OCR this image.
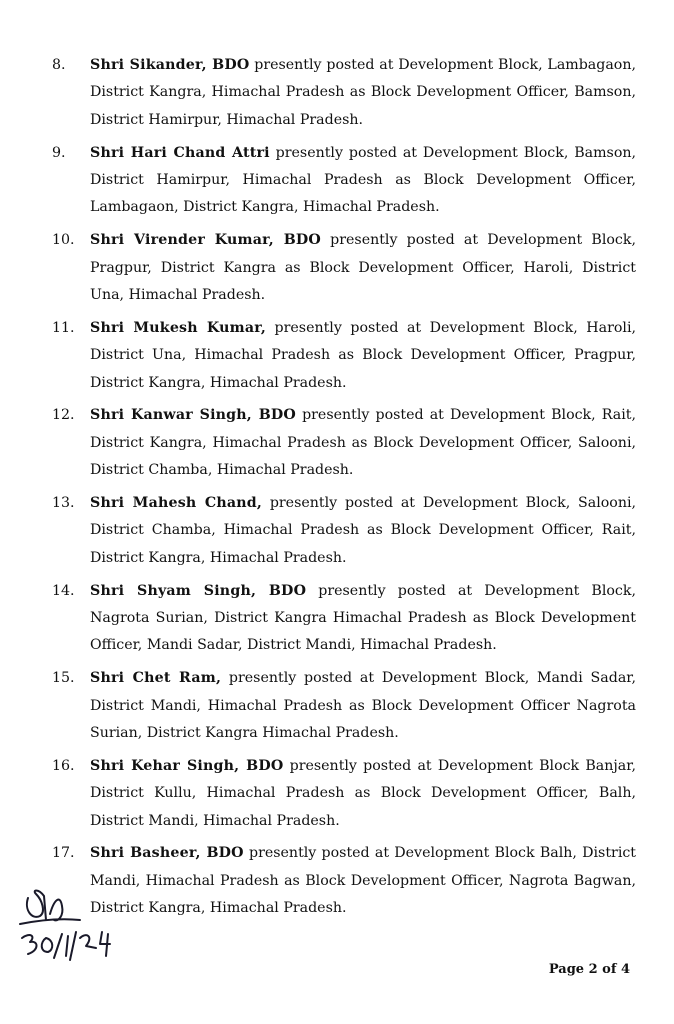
8.	Shri Sikander, BDO presently posted at Development Block, Lambagaon, District Kangra, Himachal Pradesh as Block Development Officer, Bamson, District Hamirpur, Himachal Pradesh.
9.	Shri Hari Chand Attri presently posted at Development Block, Bamson, District Hamirpur, Himachal Pradesh as Block Development Officer, Lambagaon, District Kangra, Himachal Pradesh.
10.	Shri Virender Kumar, BDO presently posted at Development Block, Pragpur, District Kangra as Block Development Officer, Haroli, District Una, Himachal Pradesh.
11.	Shri Mukesh Kumar, presently posted at Development Block, Haroli, District Una, Himachal Pradesh as Block Development Officer, Pragpur, District Kangra, Himachal Pradesh.
12.	Shri Kanwar Singh, BDO presently posted at Development Block, Rait, District Kangra, Himachal Pradesh as Block Development Officer, Salooni, District Chamba, Himachal Pradesh.
13.	Shri Mahesh Chand, presently posted at Development Block, Salooni, District Chamba, Himachal Pradesh as Block Development Officer, Rait, District Kangra, Himachal Pradesh.
14.	Shri Shyam Singh, BDO presently posted at Development Block, Nagrota Surian, District Kangra Himachal Pradesh as Block Development Officer, Mandi Sadar, District Mandi, Himachal Pradesh.
15.	Shri Chet Ram, presently posted at Development Block, Mandi Sadar, District Mandi, Himachal Pradesh as Block Development Officer Nagrota Surian, District Kangra Himachal Pradesh.
16.	Shri Kehar Singh, BDO presently posted at Development Block Banjar, District Kullu, Himachal Pradesh as Block Development Officer, Balh, District Mandi, Himachal Pradesh.
17.	Shri Basheer, BDO presently posted at Development Block Balh, District Mandi, Himachal Pradesh as Block Development Officer, Nagrota Bagwan, District Kangra, Himachal Pradesh.
Page 2 of 4
